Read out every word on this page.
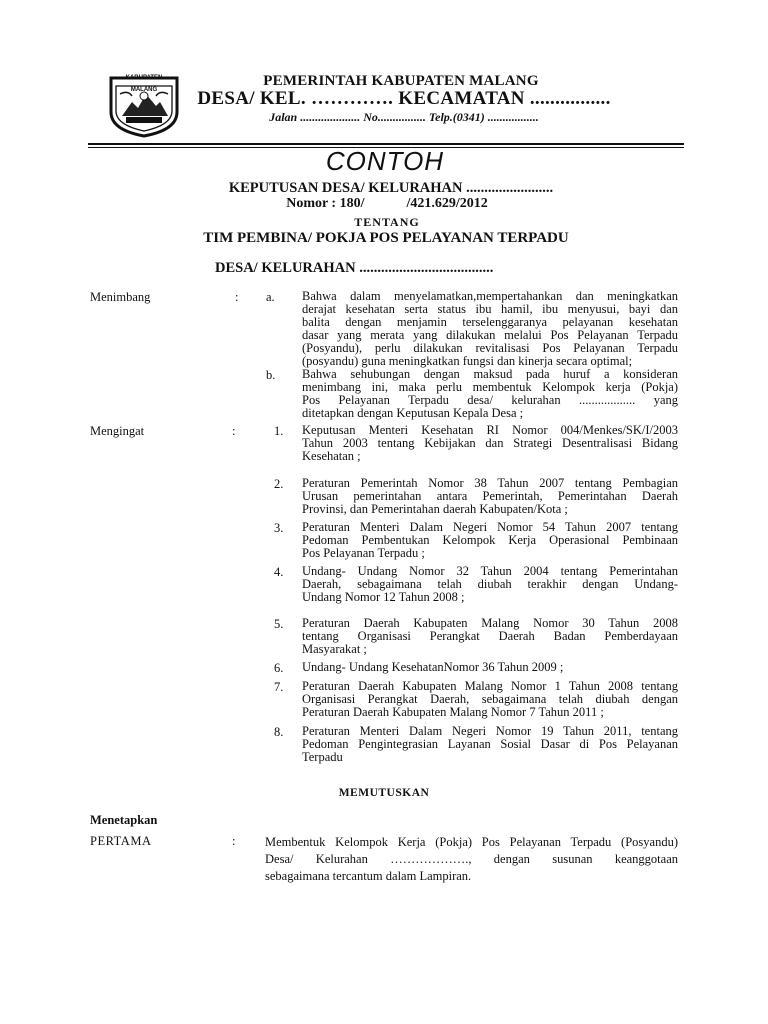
KABUPATEN MALANG
PEMERINTAH KABUPATEN MALANG
DESA/ KEL. …………. KECAMATAN ................
Jalan .................... No................ Telp.(0341) .................
CONTOH
KEPUTUSAN DESA/ KELURAHAN ........................
Nomor : 180/            /421.629/2012
TENTANG
TIM PEMBINA/ POKJA POS PELAYANAN TERPADU
DESA/ KELURAHAN .....................................
Menimbang	: a. Bahwa dalam menyelamatkan,mempertahankan dan meningkatkan
derajat kesehatan serta status ibu hamil, ibu menyusui, bayi dan
balita dengan menjamin terselenggaranya pelayanan kesehatan
dasar yang merata yang dilakukan melalui Pos Pelayanan Terpadu
(Posyandu), perlu dilakukan revitalisasi Pos Pelayanan Terpadu
(posyandu) guna meningkatkan fungsi dan kinerja secara optimal;
b. Bahwa sehubungan dengan maksud pada huruf a konsideran
menimbang ini, maka perlu membentuk Kelompok kerja (Pokja)
Pos Pelayanan Terpadu desa/ kelurahan .................. yang
ditetapkan dengan Keputusan Kepala Desa ;
Mengingat	:	1. Keputusan Menteri Kesehatan RI Nomor 004/Menkes/SK/I/2003
Tahun 2003 tentang Kebijakan dan Strategi Desentralisasi Bidang
Kesehatan ;
2. Peraturan Pemerintah Nomor 38 Tahun 2007 tentang Pembagian
Urusan pemerintahan antara Pemerintah, Pemerintahan Daerah
Provinsi, dan Pemerintahan daerah Kabupaten/Kota ;
3. Peraturan Menteri Dalam Negeri Nomor 54 Tahun 2007 tentang
Pedoman Pembentukan Kelompok Kerja Operasional Pembinaan
Pos Pelayanan Terpadu ;
4. Undang- Undang Nomor 32 Tahun 2004 tentang Pemerintahan
Daerah, sebagaimana telah diubah terakhir dengan Undang-
Undang Nomor 12 Tahun 2008 ;
5. Peraturan Daerah Kabupaten Malang Nomor 30 Tahun 2008
tentang Organisasi Perangkat Daerah Badan Pemberdayaan
Masyarakat ;
6. Undang- Undang KesehatanNomor 36 Tahun 2009 ;
7. Peraturan Daerah Kabupaten Malang Nomor 1 Tahun 2008 tentang
Organisasi Perangkat Daerah, sebagaimana telah diubah dengan
Peraturan Daerah Kabupaten Malang Nomor 7 Tahun 2011 ;
8. Peraturan Menteri Dalam Negeri Nomor 19 Tahun 2011, tentang
Pedoman Pengintegrasian Layanan Sosial Dasar di Pos Pelayanan
Terpadu
MEMUTUSKAN
Menetapkan
PERTAMA	: Membentuk Kelompok Kerja (Pokja) Pos Pelayanan Terpadu (Posyandu)
Desa/ Kelurahan ………………., dengan susunan keanggotaan
sebagaimana tercantum dalam Lampiran.
